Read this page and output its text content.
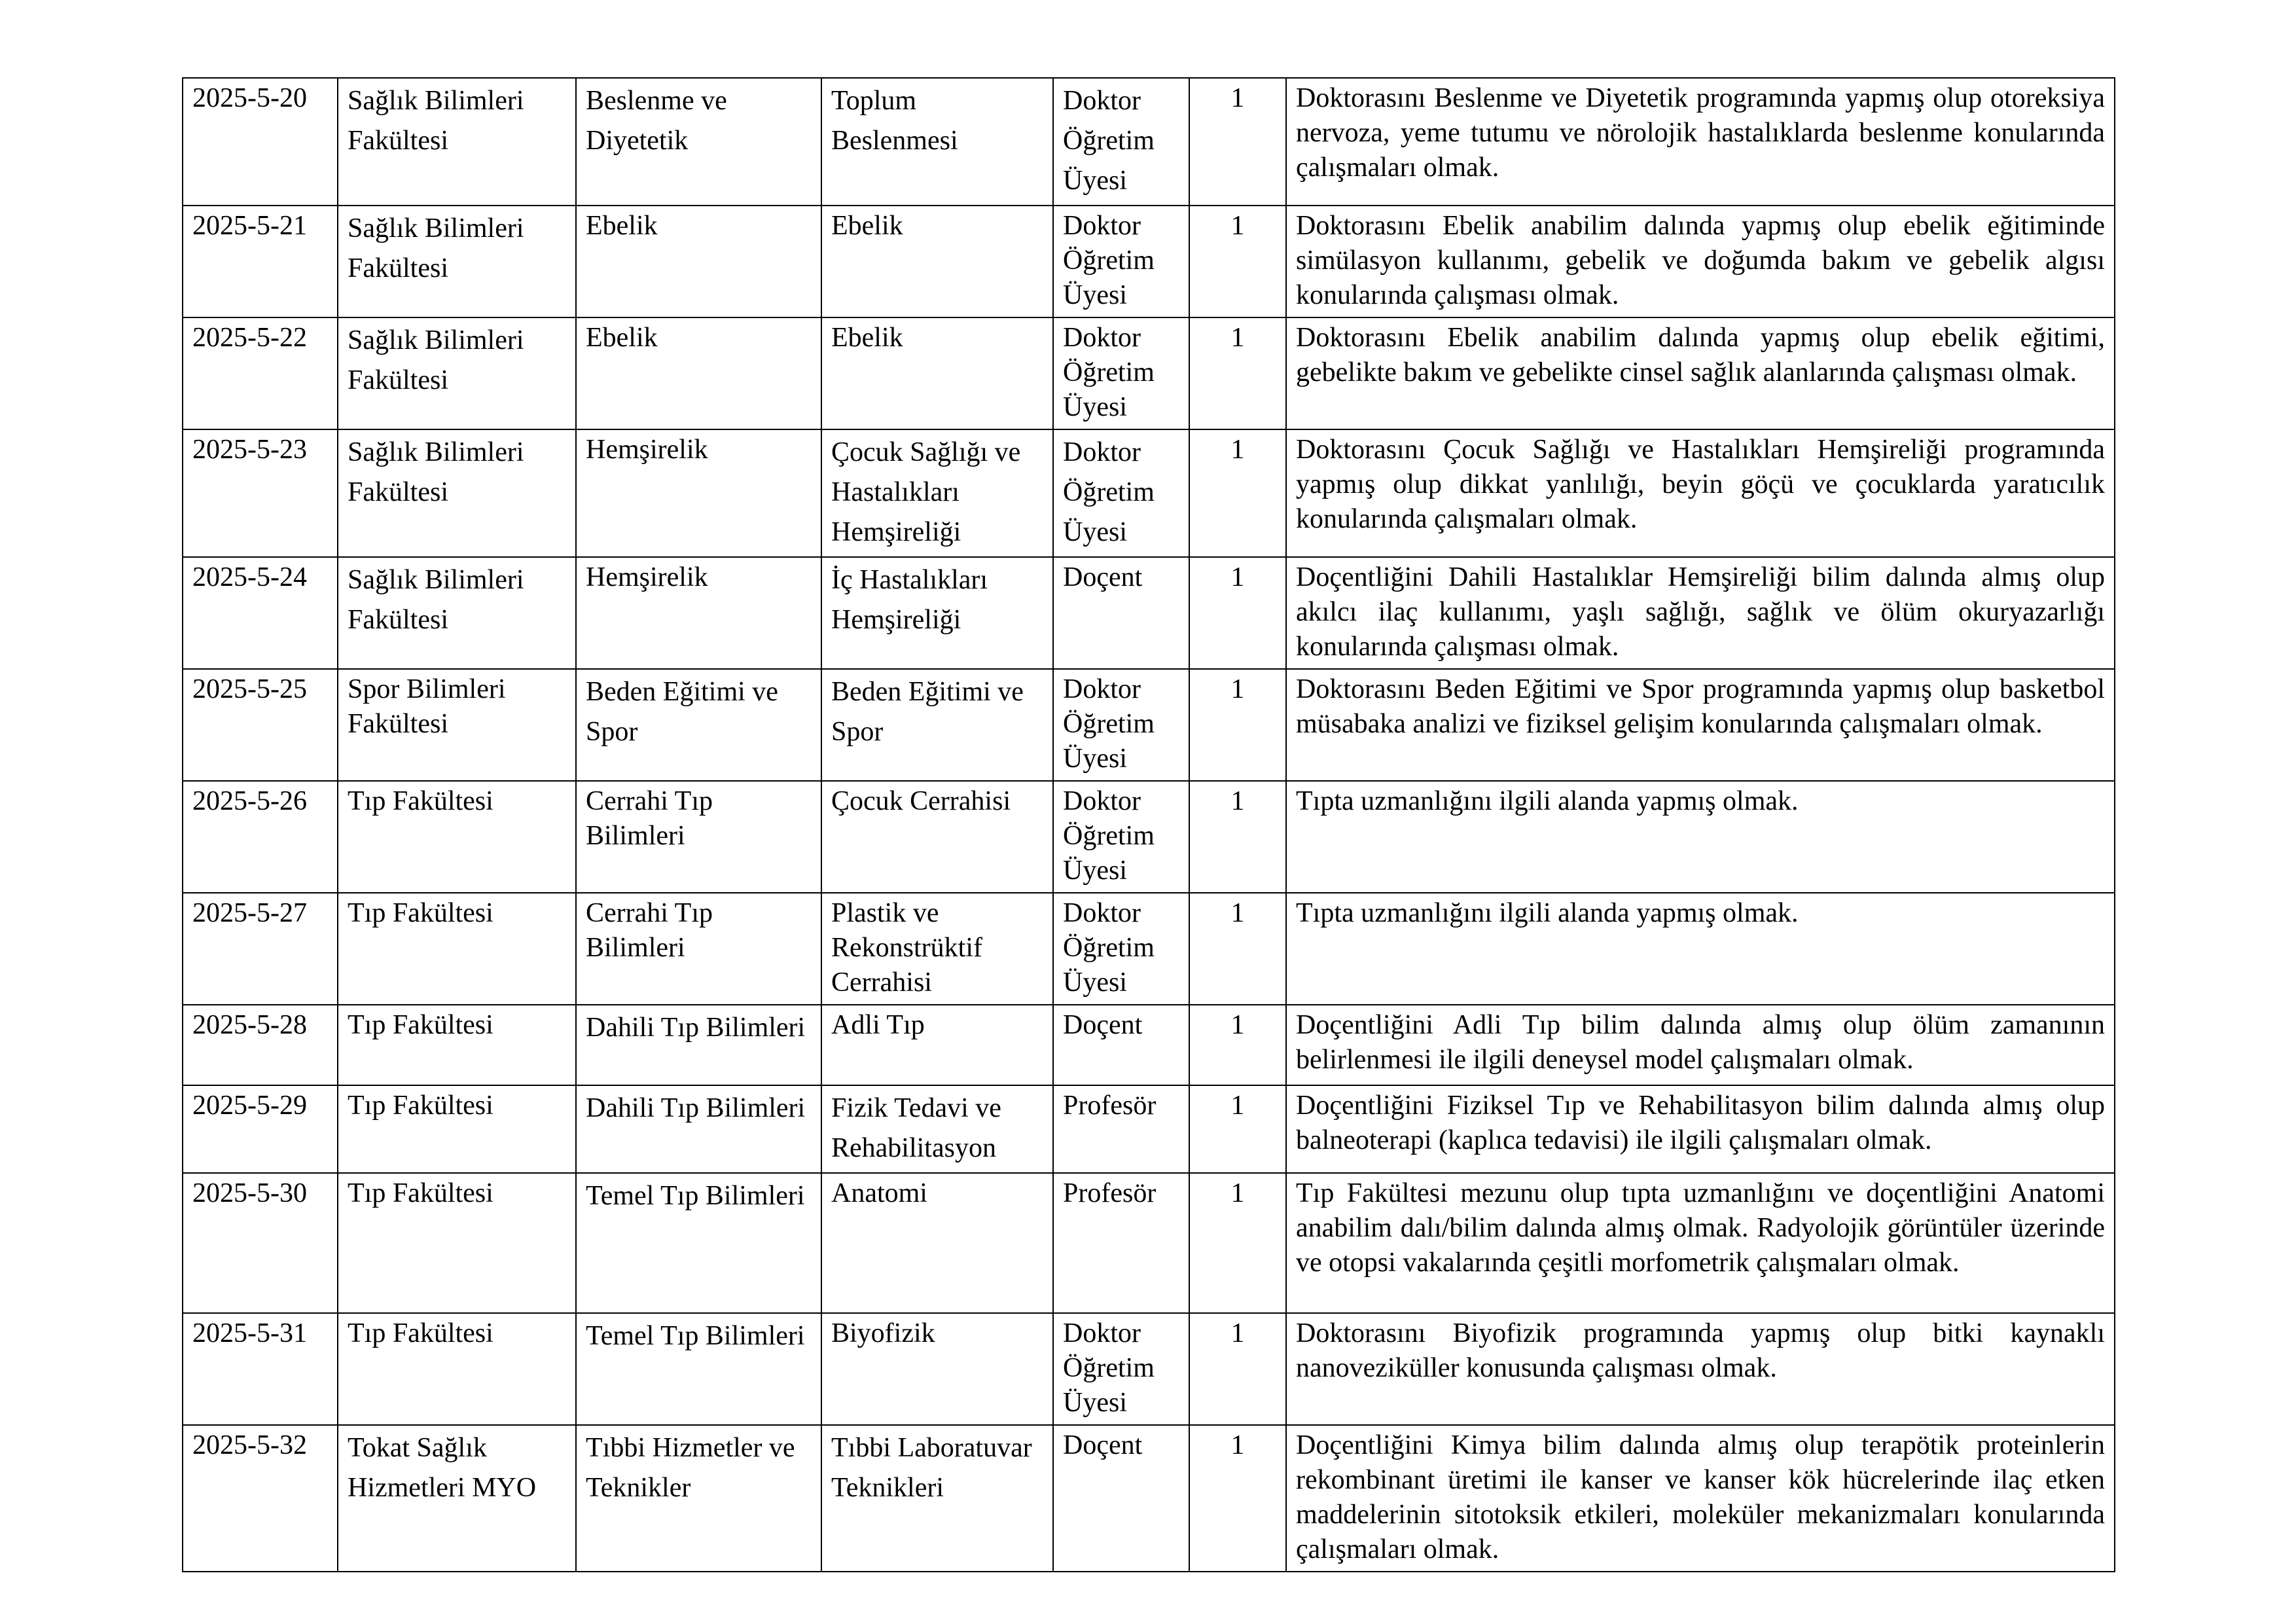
2025-5-20	Sağlık Bilimleri Fakültesi	Beslenme ve Diyetetik	Toplum Beslenmesi	Doktor Öğretim Üyesi	1	Doktorasını Beslenme ve Diyetetik programında yapmış olup otoreksiya nervoza, yeme tutumu ve nörolojik hastalıklarda beslenme konularında çalışmaları olmak.
2025-5-21	Sağlık Bilimleri Fakültesi	Ebelik	Ebelik	Doktor Öğretim Üyesi	1	Doktorasını Ebelik anabilim dalında yapmış olup ebelik eğitiminde simülasyon kullanımı, gebelik ve doğumda bakım ve gebelik algısı konularında çalışması olmak.
2025-5-22	Sağlık Bilimleri Fakültesi	Ebelik	Ebelik	Doktor Öğretim Üyesi	1	Doktorasını Ebelik anabilim dalında yapmış olup ebelik eğitimi, gebelikte bakım ve gebelikte cinsel sağlık alanlarında çalışması olmak.
2025-5-23	Sağlık Bilimleri Fakültesi	Hemşirelik	Çocuk Sağlığı ve Hastalıkları Hemşireliği	Doktor Öğretim Üyesi	1	Doktorasını Çocuk Sağlığı ve Hastalıkları Hemşireliği programında yapmış olup dikkat yanlılığı, beyin göçü ve çocuklarda yaratıcılık konularında çalışmaları olmak.
2025-5-24	Sağlık Bilimleri Fakültesi	Hemşirelik	İç Hastalıkları Hemşireliği	Doçent	1	Doçentliğini Dahili Hastalıklar Hemşireliği bilim dalında almış olup akılcı ilaç kullanımı, yaşlı sağlığı, sağlık ve ölüm okuryazarlığı konularında çalışması olmak.
2025-5-25	Spor Bilimleri Fakültesi	Beden Eğitimi ve Spor	Beden Eğitimi ve Spor	Doktor Öğretim Üyesi	1	Doktorasını Beden Eğitimi ve Spor programında yapmış olup basketbol müsabaka analizi ve fiziksel gelişim konularında çalışmaları olmak.
2025-5-26	Tıp Fakültesi	Cerrahi Tıp Bilimleri	Çocuk Cerrahisi	Doktor Öğretim Üyesi	1	Tıpta uzmanlığını ilgili alanda yapmış olmak.
2025-5-27	Tıp Fakültesi	Cerrahi Tıp Bilimleri	Plastik ve Rekonstrüktif Cerrahisi	Doktor Öğretim Üyesi	1	Tıpta uzmanlığını ilgili alanda yapmış olmak.
2025-5-28	Tıp Fakültesi	Dahili Tıp Bilimleri	Adli Tıp	Doçent	1	Doçentliğini Adli Tıp bilim dalında almış olup ölüm zamanının belirlenmesi ile ilgili deneysel model çalışmaları olmak.
2025-5-29	Tıp Fakültesi	Dahili Tıp Bilimleri	Fizik Tedavi ve Rehabilitasyon	Profesör	1	Doçentliğini Fiziksel Tıp ve Rehabilitasyon bilim dalında almış olup balneoterapi (kaplıca tedavisi) ile ilgili çalışmaları olmak.
2025-5-30	Tıp Fakültesi	Temel Tıp Bilimleri	Anatomi	Profesör	1	Tıp Fakültesi mezunu olup tıpta uzmanlığını ve doçentliğini Anatomi anabilim dalı/bilim dalında almış olmak. Radyolojik görüntüler üzerinde ve otopsi vakalarında çeşitli morfometrik çalışmaları olmak.
2025-5-31	Tıp Fakültesi	Temel Tıp Bilimleri	Biyofizik	Doktor Öğretim Üyesi	1	Doktorasını Biyofizik programında yapmış olup bitki kaynaklı nanoveziküller konusunda çalışması olmak.
2025-5-32	Tokat Sağlık Hizmetleri MYO	Tıbbi Hizmetler ve Teknikler	Tıbbi Laboratuvar Teknikleri	Doçent	1	Doçentliğini Kimya bilim dalında almış olup terapötik proteinlerin rekombinant üretimi ile kanser ve kanser kök hücrelerinde ilaç etken maddelerinin sitotoksik etkileri, moleküler mekanizmaları konularında çalışmaları olmak.
